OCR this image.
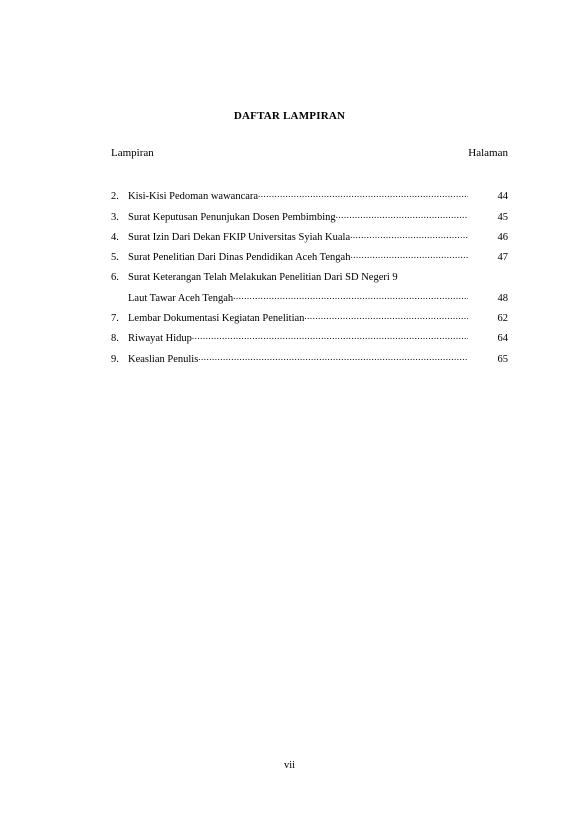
DAFTAR LAMPIRAN
Lampiran	Halaman
2. Kisi-Kisi Pedoman wawancara .....	44
3. Surat Keputusan Penunjukan Dosen Pembimbing .....	45
4. Surat Izin Dari Dekan FKIP Universitas Syiah Kuala .....	46
5. Surat Penelitian Dari Dinas Pendidikan Aceh Tengah .....	47
6. Surat Keterangan Telah Melakukan Penelitian Dari SD Negeri 9

Laut Tawar Aceh Tengah .....	48
7. Lembar Dokumentasi Kegiatan Penelitian .....	62
8. Riwayat Hidup .....	64
9. Keaslian Penulis .....	65
vii
